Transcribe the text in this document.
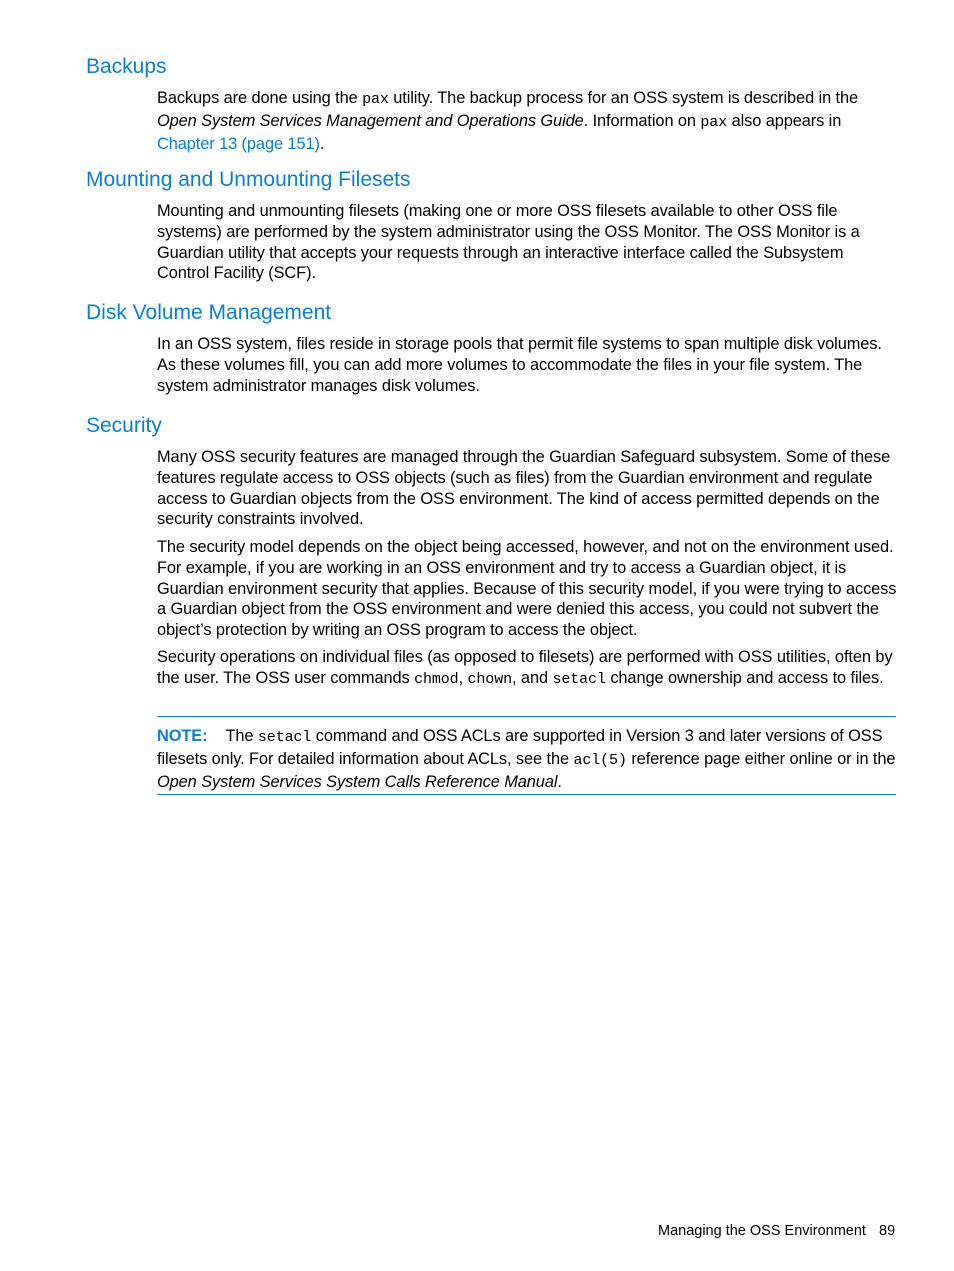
Backups

Backups are done using the pax utility. The backup process for an OSS system is described in the Open System Services Management and Operations Guide. Information on pax also appears in Chapter 13 (page 151).

Mounting and Unmounting Filesets

Mounting and unmounting filesets (making one or more OSS filesets available to other OSS file systems) are performed by the system administrator using the OSS Monitor. The OSS Monitor is a Guardian utility that accepts your requests through an interactive interface called the Subsystem Control Facility (SCF).

Disk Volume Management

In an OSS system, files reside in storage pools that permit file systems to span multiple disk volumes. As these volumes fill, you can add more volumes to accommodate the files in your file system. The system administrator manages disk volumes.

Security

Many OSS security features are managed through the Guardian Safeguard subsystem. Some of these features regulate access to OSS objects (such as files) from the Guardian environment and regulate access to Guardian objects from the OSS environment. The kind of access permitted depends on the security constraints involved.

The security model depends on the object being accessed, however, and not on the environment used. For example, if you are working in an OSS environment and try to access a Guardian object, it is Guardian environment security that applies. Because of this security model, if you were trying to access a Guardian object from the OSS environment and were denied this access, you could not subvert the object’s protection by writing an OSS program to access the object.

Security operations on individual files (as opposed to filesets) are performed with OSS utilities, often by the user. The OSS user commands chmod, chown, and setacl change ownership and access to files.

NOTE: The setacl command and OSS ACLs are supported in Version 3 and later versions of OSS filesets only. For detailed information about ACLs, see the acl(5) reference page either online or in the Open System Services System Calls Reference Manual.

Managing the OSS Environment 89
